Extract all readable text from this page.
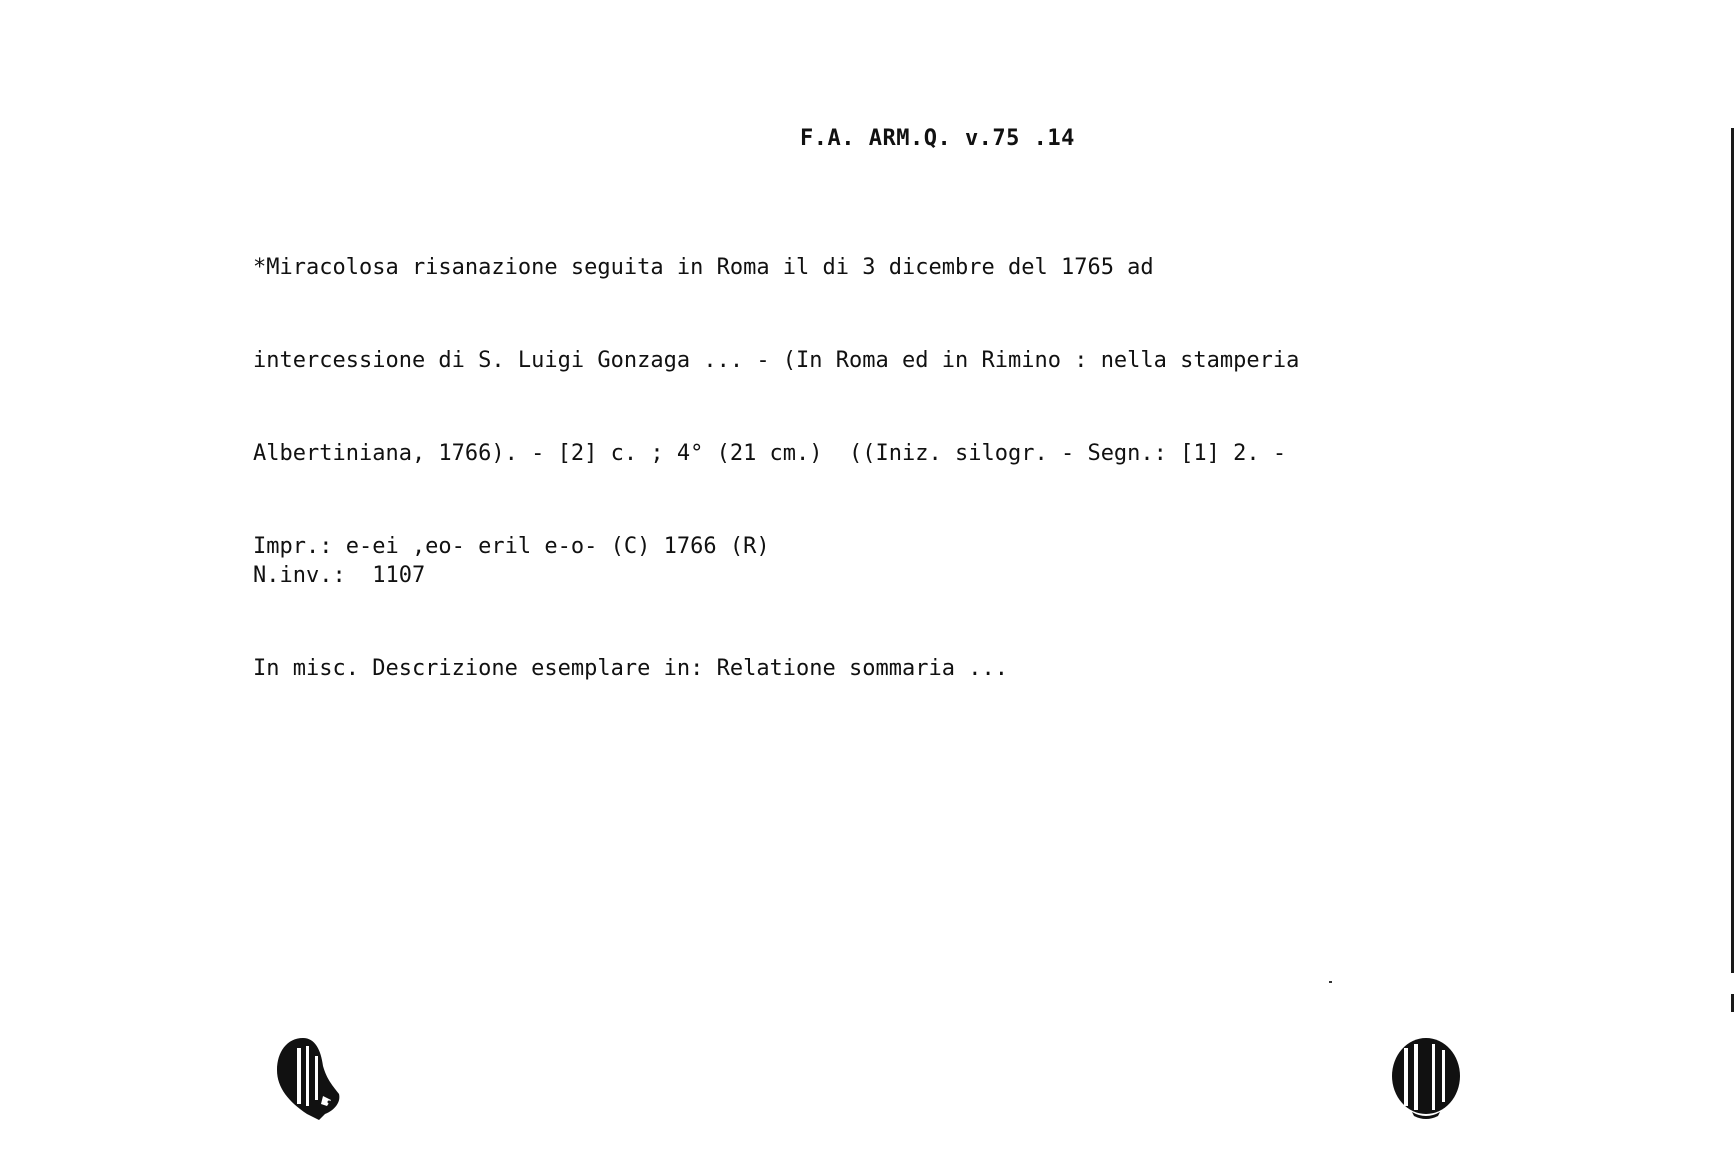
F.A. ARM.Q. v.75 .14

*Miracolosa risanazione seguita in Roma il di 3 dicembre del 1765 ad

intercessione di S. Luigi Gonzaga ... - (In Roma ed in Rimino : nella stamperia

Albertiniana, 1766). - [2] c. ; 4° (21 cm.)  ((Iniz. silogr. - Segn.: [1] 2. -

Impr.: e-ei ,eo- eril e-o- (C) 1766 (R)

N.inv.: 1107

In misc. Descrizione esemplare in: Relatione sommaria ...
